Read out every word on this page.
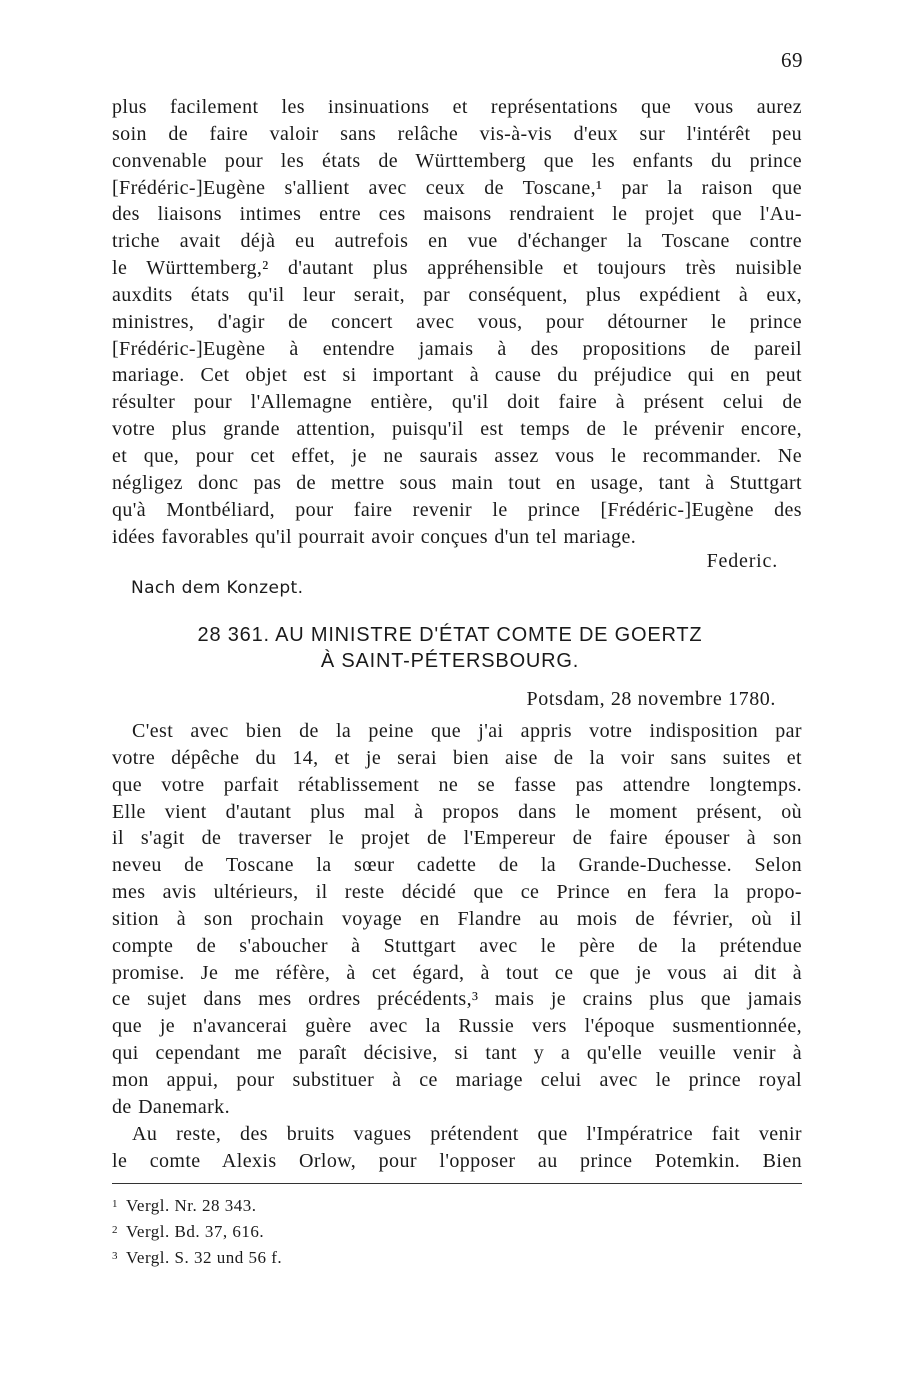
69

plus facilement les insinuations et représentations que vous aurez

soin de faire valoir sans relâche vis-à-vis d'eux sur l'intérêt peu

convenable pour les états de Württemberg que les enfants du prince

[Frédéric-]Eugène s'allient avec ceux de Toscane,¹ par la raison que

des liaisons intimes entre ces maisons rendraient le projet que l'Au-

triche avait déjà eu autrefois en vue d'échanger la Toscane contre

le Württemberg,² d'autant plus appréhensible et toujours très nuisible

auxdits états qu'il leur serait, par conséquent, plus expédient à eux,

ministres, d'agir de concert avec vous, pour détourner le prince

[Frédéric-]Eugène à entendre jamais à des propositions de pareil

mariage. Cet objet est si important à cause du préjudice qui en peut

résulter pour l'Allemagne entière, qu'il doit faire à présent celui de

votre plus grande attention, puisqu'il est temps de le prévenir encore,

et que, pour cet effet, je ne saurais assez vous le recommander. Ne

négligez donc pas de mettre sous main tout en usage, tant à Stuttgart

qu'à Montbéliard, pour faire revenir le prince [Frédéric-]Eugène des

idées favorables qu'il pourrait avoir conçues d'un tel mariage.

Federic.
Nach dem Konzept.
28 361. AU MINISTRE D'ÉTAT COMTE DE GOERTZ
À SAINT-PÉTERSBOURG.
Potsdam, 28 novembre 1780.

C'est avec bien de la peine que j'ai appris votre indisposition par

votre dépêche du 14, et je serai bien aise de la voir sans suites et

que votre parfait rétablissement ne se fasse pas attendre longtemps.

Elle vient d'autant plus mal à propos dans le moment présent, où

il s'agit de traverser le projet de l'Empereur de faire épouser à son

neveu de Toscane la sœur cadette de la Grande-Duchesse. Selon

mes avis ultérieurs, il reste décidé que ce Prince en fera la propo-

sition à son prochain voyage en Flandre au mois de février, où il

compte de s'aboucher à Stuttgart avec le père de la prétendue

promise. Je me réfère, à cet égard, à tout ce que je vous ai dit à

ce sujet dans mes ordres précédents,³ mais je crains plus que jamais

que je n'avancerai guère avec la Russie vers l'époque susmentionnée,

qui cependant me paraît décisive, si tant y a qu'elle veuille venir à

mon appui, pour substituer à ce mariage celui avec le prince royal

de Danemark.

Au reste, des bruits vagues prétendent que l'Impératrice fait venir

le comte Alexis Orlow, pour l'opposer au prince Potemkin. Bien

1 Vergl. Nr. 28 343.

2 Vergl. Bd. 37, 616.

3 Vergl. S. 32 und 56 f.
